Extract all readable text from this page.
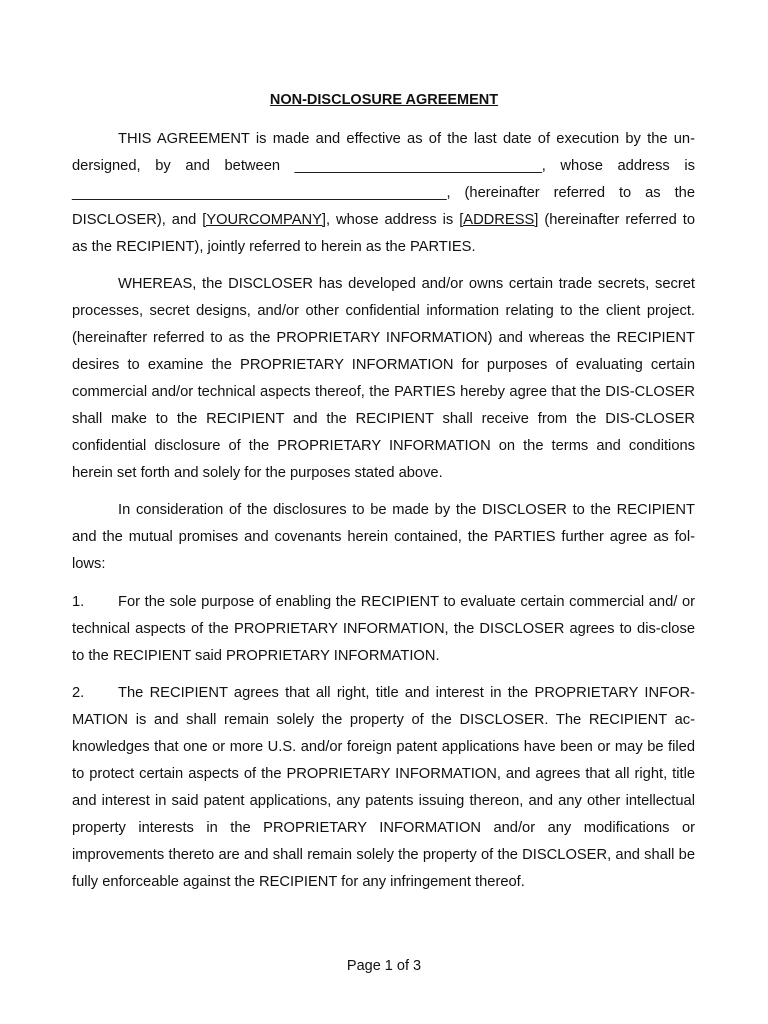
NON-DISCLOSURE AGREEMENT

THIS AGREEMENT is made and effective as of the last date of execution by the un-dersigned, by and between _______________________________, whose address is _______________________________________________, (hereinafter referred to as the DISCLOSER), and [YOURCOMPANY], whose address is [ADDRESS] (hereinafter referred to as the RECIPIENT), jointly referred to herein as the PARTIES.

WHEREAS, the DISCLOSER has developed and/or owns certain trade secrets, secret processes, secret designs, and/or other confidential information relating to the client project. (hereinafter referred to as the PROPRIETARY INFORMATION) and whereas the RECIPIENT desires to examine the PROPRIETARY INFORMATION for purposes of evaluating certain commercial and/or technical aspects thereof, the PARTIES hereby agree that the DIS-CLOSER shall make to the RECIPIENT and the RECIPIENT shall receive from the DIS-CLOSER confidential disclosure of the PROPRIETARY INFORMATION on the terms and conditions herein set forth and solely for the purposes stated above.

In consideration of the disclosures to be made by the DISCLOSER to the RECIPIENT and the mutual promises and covenants herein contained, the PARTIES further agree as fol-lows:

1. For the sole purpose of enabling the RECIPIENT to evaluate certain commercial and/ or technical aspects of the PROPRIETARY INFORMATION, the DISCLOSER agrees to dis-close to the RECIPIENT said PROPRIETARY INFORMATION.

2. The RECIPIENT agrees that all right, title and interest in the PROPRIETARY INFOR-MATION is and shall remain solely the property of the DISCLOSER. The RECIPIENT ac-knowledges that one or more U.S. and/or foreign patent applications have been or may be filed to protect certain aspects of the PROPRIETARY INFORMATION, and agrees that all right, title and interest in said patent applications, any patents issuing thereon, and any other intellectual property interests in the PROPRIETARY INFORMATION and/or any modifications or improvements thereto are and shall remain solely the property of the DISCLOSER, and shall be fully enforceable against the RECIPIENT for any infringement thereof.

Page 1 of 3
